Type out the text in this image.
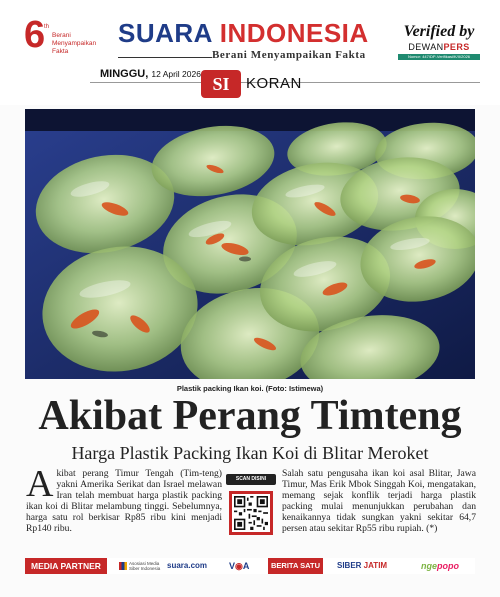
6
th
Berani Menyampaikan Fakta
SUARA INDONESIA
Berani Menyampaikan Fakta
Verified by
DEWANPERS
Nomor: 447/DP-Verifikasi/K/II/2026
MINGGU, 12 April 2026 SI	KORAN
Plastik packing Ikan koi. (Foto: Istimewa)
Akibat Perang Timteng
Harga Plastik Packing Ikan Koi di Blitar Meroket
Akibat perang Timur Tengah (Tim-teng) yakni Amerika Serikat dan Israel melawan Iran telah membuat harga plastik packing ikan koi di Blitar melambung tinggi. Sebelumnya, harga satu rol berkisar Rp85 ribu kini menjadi Rp140 ribu.
SCAN DISINI	Salah satu pengusaha ikan koi asal Blitar, Jawa Timur, Mas Erik Mbok Singgah Koi, mengatakan, memang sejak konflik terjadi harga plastik packing mulai menunjukkan perubahan dan kenaikannya tidak sungkan yakni sekitar 64,7 persen atau sekitar Rp55 ribu rupiah. (*)
MEDIA PARTNER	Asosiasi Media Siber Indonesia suara.com V◉A	BERITA SATU	SIBER JATIM	ngepopo
